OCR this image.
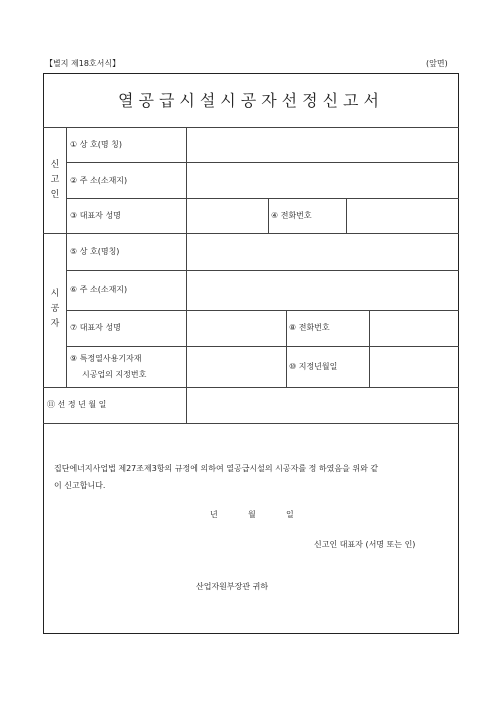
【별지 제18호서식】	(앞면)
열공급시설시공자선정신고서
신
고
인
① 상 호(명 칭)
② 주 소(소재지)
③ 대표자 성명	④ 전화번호
시
공
자
⑤ 상 호(명칭)
⑥ 주 소(소재지)
⑦ 대표자 성명	⑧ 전화번호
⑨ 특정열사용기자재
시공업의 지정번호
⑩ 지정년월일
⑪ 선 정 년 월 일
집단에너지사업법 제27조제3항의 규정에 의하여 열공급시설의 시공자를 정 하였음을 위와 같
이 신고합니다.
년	월	일
신고인 대표자 (서명 또는 인)
산업자원부장관 귀하
